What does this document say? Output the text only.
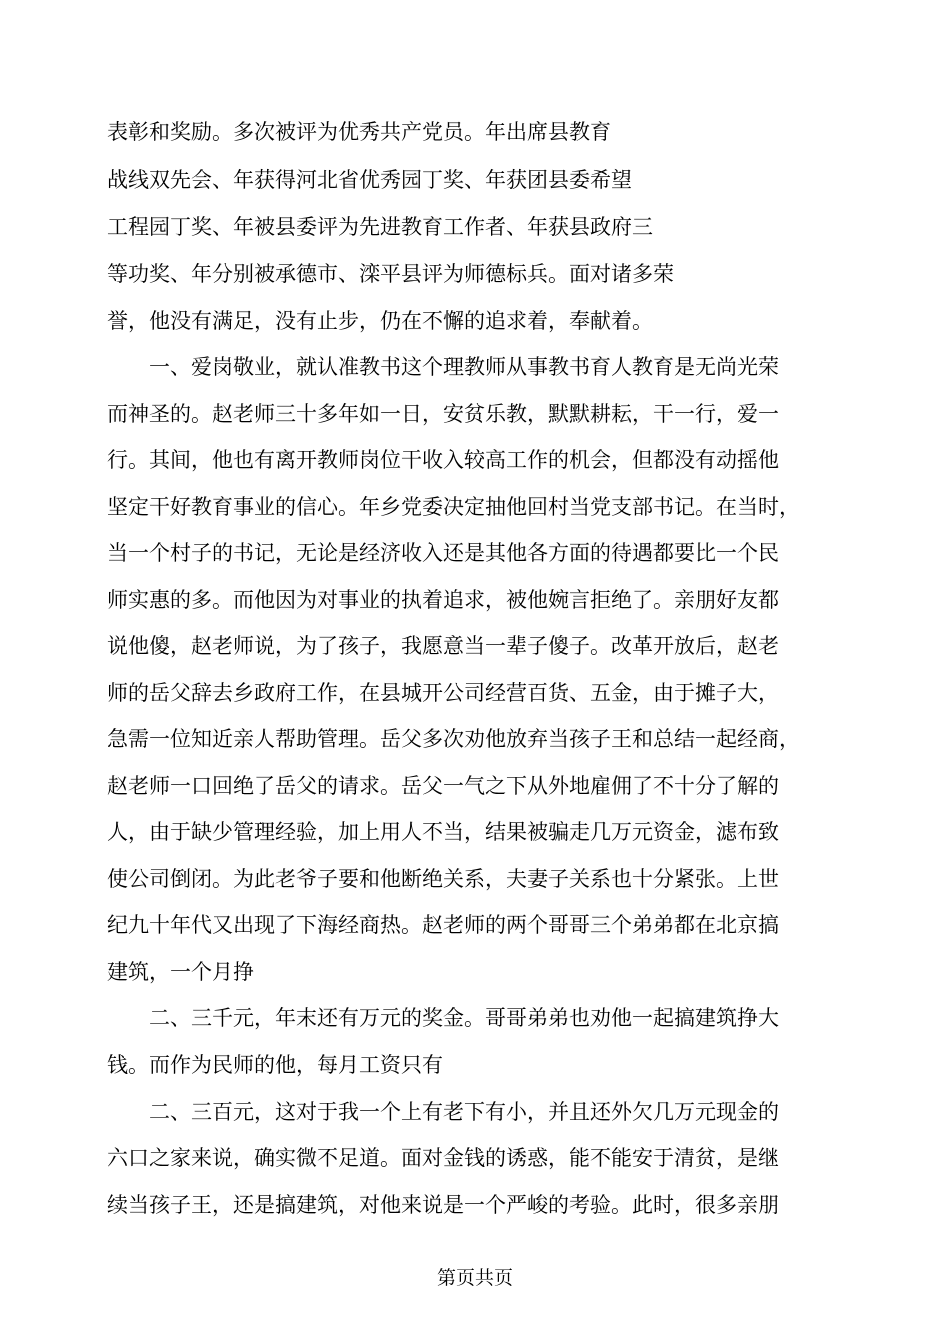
表彰和奖励。多次被评为优秀共产党员。年出席县教育
战线双先会、年获得河北省优秀园丁奖、年获团县委希望
工程园丁奖、年被县委评为先进教育工作者、年获县政府三
等功奖、年分别被承德市、滦平县评为师德标兵。面对诸多荣
誉，他没有满足，没有止步，仍在不懈的追求着，奉献着。
　　一、爱岗敬业，就认准教书这个理教师从事教书育人教育是无尚光荣
而神圣的。赵老师三十多年如一日，安贫乐教，默默耕耘，干一行，爱一
行。其间，他也有离开教师岗位干收入较高工作的机会，但都没有动摇他
坚定干好教育事业的信心。年乡党委决定抽他回村当党支部书记。在当时，
当一个村子的书记，无论是经济收入还是其他各方面的待遇都要比一个民
师实惠的多。而他因为对事业的执着追求，被他婉言拒绝了。亲朋好友都
说他傻，赵老师说，为了孩子，我愿意当一辈子傻子。改革开放后，赵老
师的岳父辞去乡政府工作，在县城开公司经营百货、五金，由于摊子大，
急需一位知近亲人帮助管理。岳父多次劝他放弃当孩子王和总结一起经商，
赵老师一口回绝了岳父的请求。岳父一气之下从外地雇佣了不十分了解的
人，由于缺少管理经验，加上用人不当，结果被骗走几万元资金，滤布致
使公司倒闭。为此老爷子要和他断绝关系，夫妻子关系也十分紧张。上世
纪九十年代又出现了下海经商热。赵老师的两个哥哥三个弟弟都在北京搞
建筑，一个月挣
　　二、三千元，年末还有万元的奖金。哥哥弟弟也劝他一起搞建筑挣大
钱。而作为民师的他，每月工资只有
　　二、三百元，这对于我一个上有老下有小，并且还外欠几万元现金的
六口之家来说，确实微不足道。面对金钱的诱惑，能不能安于清贫，是继
续当孩子王，还是搞建筑，对他来说是一个严峻的考验。此时，很多亲朋
第页共页
